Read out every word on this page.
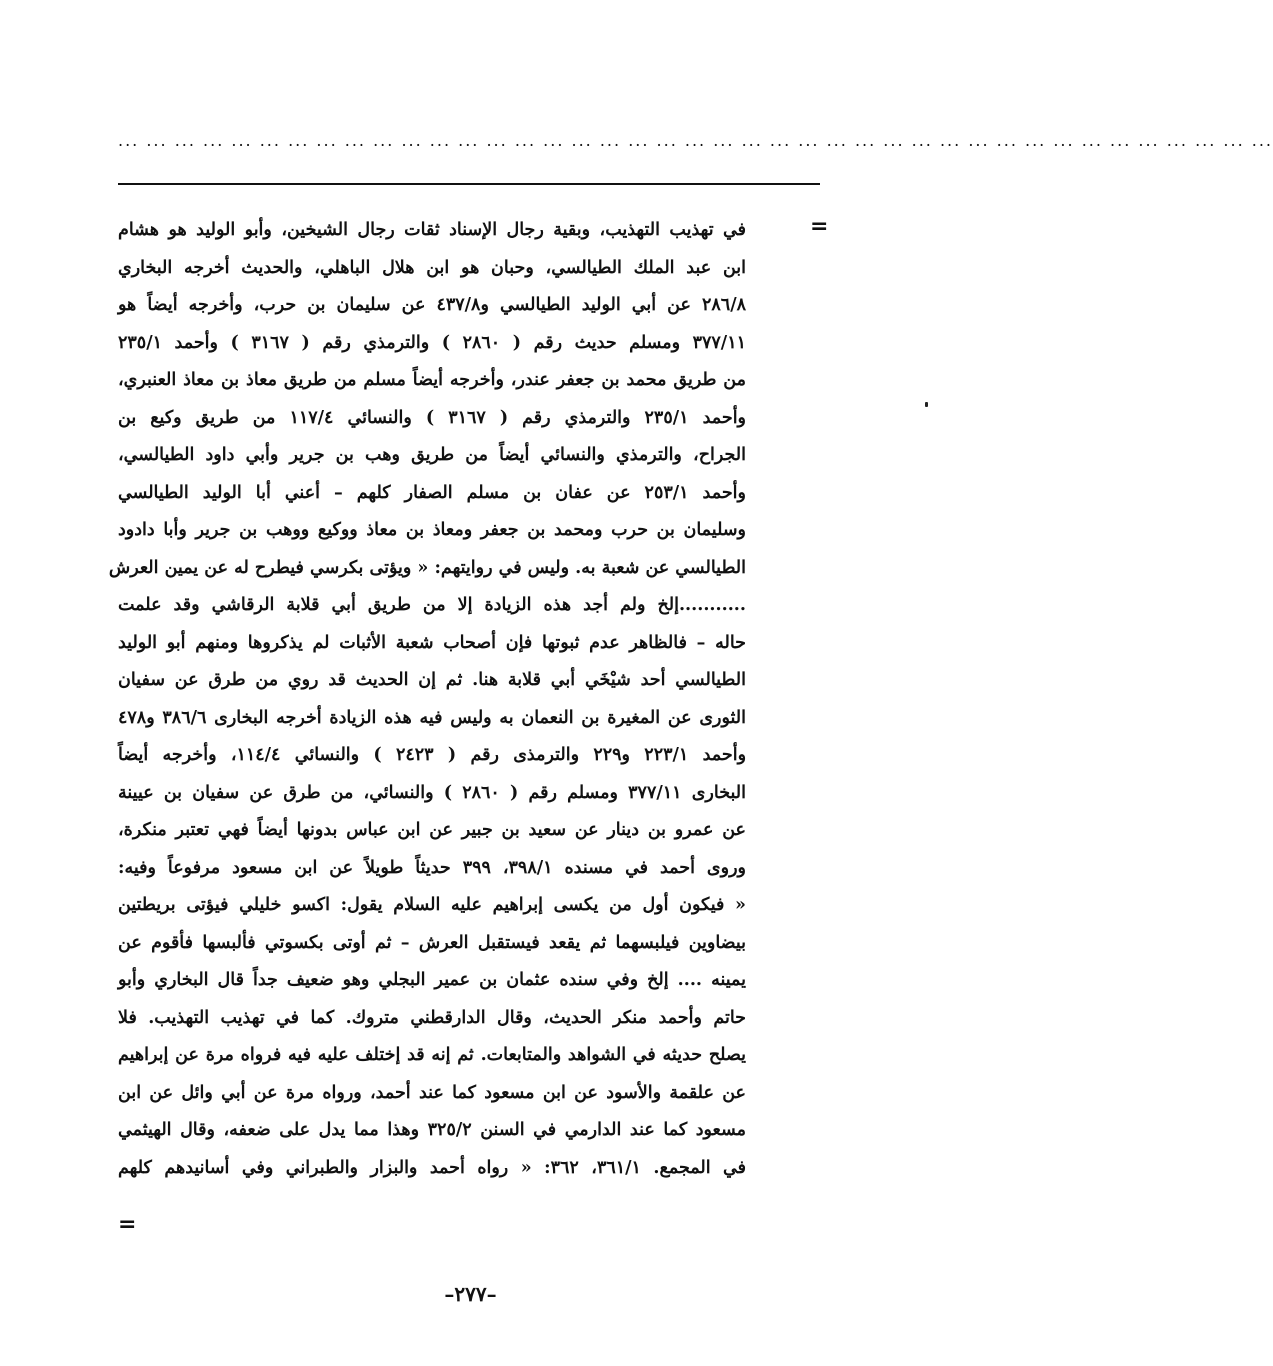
... ... ... ... ... ... ... ... ... ... ... ... ... ... ... ... ... ... ... ... ... ... ... ... ... ... ... ... ... ... ... ... ... ... ... ... ... ... ... ... ...
=
في تهذيب التهذيب، وبقية رجال الإسناد ثقات رجال الشيخين، وأبو الوليد هو هشام
ابن عبد الملك الطيالسي، وحبان هو ابن هلال الباهلي، والحديث أخرجه البخاري
٢٨٦/٨ عن أبي الوليد الطيالسي و٤٣٧/٨ عن سليمان بن حرب، وأخرجه أيضاً هو
٣٧٧/١١ ومسلم حديث رقم ( ٢٨٦٠ ) والترمذي رقم ( ٣١٦٧ ) وأحمد ٢٣٥/١
من طريق محمد بن جعفر عندر، وأخرجه أيضاً مسلم من طريق معاذ بن معاذ العنبري،
وأحمد ٢٣٥/١ والترمذي رقم ( ٣١٦٧ ) والنسائي ١١٧/٤ من طريق وكيع بن
الجراح، والترمذي والنسائي أيضاً من طريق وهب بن جرير وأبي داود الطيالسي،
وأحمد ٢٥٣/١ عن عفان بن مسلم الصفار كلهم – أعني أبا الوليد الطيالسي
وسليمان بن حرب ومحمد بن جعفر ومعاذ بن معاذ ووكيع ووهب بن جرير وأبا دادود
الطيالسي عن شعبة به. وليس في روايتهم: « ويؤتى بكرسي فيطرح له عن يمين العرش
...........إلخ ولم أجد هذه الزيادة إلا من طريق أبي قلابة الرقاشي وقد علمت
حاله – فالظاهر عدم ثبوتها فإن أصحاب شعبة الأثبات لم يذكروها ومنهم أبو الوليد
الطيالسي أحد شيْخَي أبي قلابة هنا. ثم إن الحديث قد روي من طرق عن سفيان
الثورى عن المغيرة بن النعمان به وليس فيه هذه الزيادة أخرجه البخارى ٣٨٦/٦ و٤٧٨
وأحمد ٢٢٣/١ و٢٢٩ والترمذى رقم ( ٢٤٢٣ ) والنسائي ١١٤/٤، وأخرجه أيضاً
البخارى ٣٧٧/١١ ومسلم رقم ( ٢٨٦٠ ) والنسائي، من طرق عن سفيان بن عيينة
عن عمرو بن دينار عن سعيد بن جبير عن ابن عباس بدونها أيضاً فهي تعتبر منكرة،
وروى أحمد في مسنده ٣٩٨/١، ٣٩٩ حديثاً طويلاً عن ابن مسعود مرفوعاً وفيه:
« فيكون أول من يكسى إبراهيم عليه السلام يقول: اكسو خليلي فيؤتى بريطتين
بيضاوين فيلبسهما ثم يقعد فيستقبل العرش – ثم أوتى بكسوتي فألبسها فأقوم عن
يمينه .... إلخ وفي سنده عثمان بن عمير البجلي وهو ضعيف جداً قال البخاري وأبو
حاتم وأحمد منكر الحديث، وقال الدارقطني متروك. كما في تهذيب التهذيب. فلا
يصلح حديثه في الشواهد والمتابعات. ثم إنه قد إختلف عليه فيه فرواه مرة عن إبراهيم
عن علقمة والأسود عن ابن مسعود كما عند أحمد، ورواه مرة عن أبي وائل عن ابن
مسعود كما عند الدارمي في السنن ٣٢٥/٢ وهذا مما يدل على ضعفه، وقال الهيثمي
في المجمع. ٣٦١/١، ٣٦٢: « رواه أحمد والبزار والطبراني وفي أسانيدهم كلهم
=
–٢٧٧–
